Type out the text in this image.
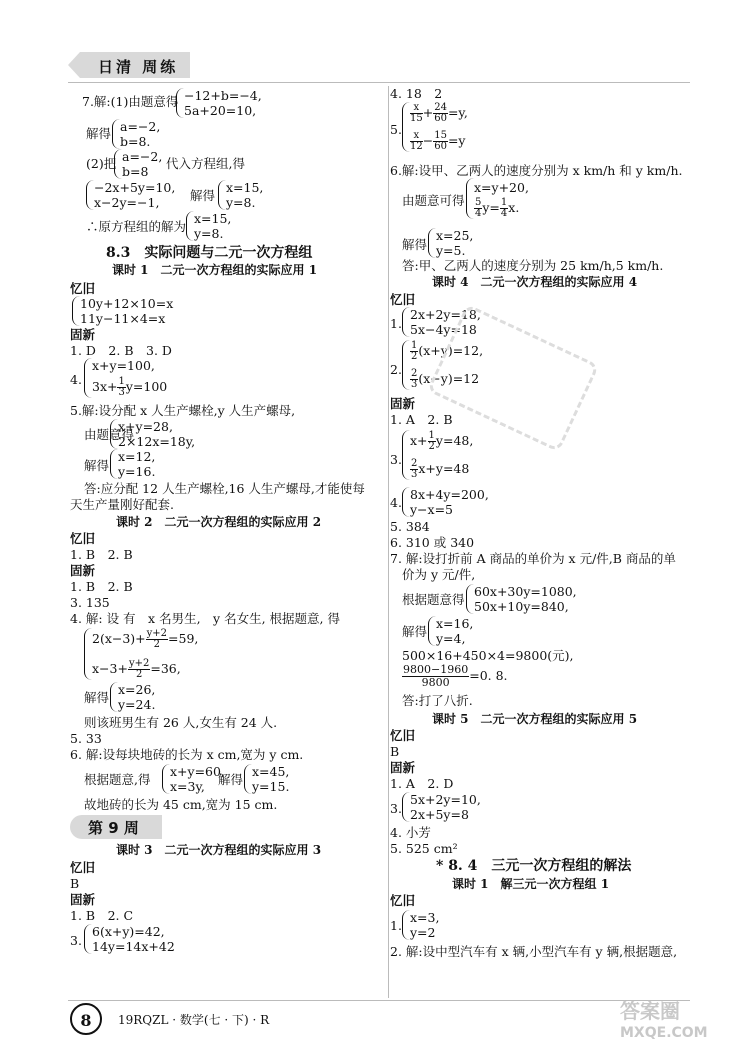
日清 周练
7.解:(1)由题意得 −12+b=−4,
5a+20=10,
解得 a=−2,
b=8.
(2)把 a=−2,
b=8
代入方程组,得
−2x+5y=10,
x−2y=−1,	解得
x=15,
y=8.
∴原方程组的解为
x=15,
y=8.
8.3　实际问题与二元一次方程组
课时 1　二元一次方程组的实际应用 1
忆旧
10y+12×10=x
11y−11×4=x
固新
1. D　2. B　3. D
4.
x+y=100,
$3x+ \frac{1}{3} y=100$
5.解:设分配 x 人生产螺栓,y 人生产螺母,
由题意得
x+y=28,
2×12x=18y,
解得
x=12,
y=16.
答:应分配 12 人生产螺栓,16 人生产螺母,才能使每
天生产量刚好配套.
课时 2　二元一次方程组的实际应用 2
忆旧
1. B　2. B
固新
1. B　2. B
3. 135
4. 解: 设 有　x 名男生,　y 名女生, 根据题意, 得
$2(x-3)+ \frac{y+2}{2} =59$,
$x-3+ \frac{y+2}{2} =36$,
解得
x=26,
y=24.
则该班男生有 26 人,女生有 24 人.
5. 33
6. 解:设每块地砖的长为 x cm,宽为 y cm.
根据题意,得
x+y=60,
x=3y,	解得
x=45,
y=15.
故地砖的长为 45 cm,宽为 15 cm.
第 9 周
课时 3　二元一次方程组的实际应用 3
忆旧
B
固新
1. B　2. C
3.
6(x+y)=42,
14y=14x+42
4. 18　2
5.
$\frac{x}{15} + \frac{24}{60} =y$,
$\frac{x}{12} - \frac{15}{60} =y$
6.解:设甲、乙两人的速度分别为 x km/h 和 y km/h.
由题意可得
x=y+20,
$\frac{5}{4} y= \frac{1}{4} x$.
解得
x=25,
y=5.
答:甲、乙两人的速度分别为 25 km/h,5 km/h.
课时 4　二元一次方程组的实际应用 4
忆旧
1.
2x+2y=18,
5x−4y=18
2.
$\frac{1}{2} (x+y)=12$,
$\frac{2}{3} (x-y)=12$
固新
1. A　2. B
3.
$x+ \frac{1}{2} y=48$,
$\frac{2}{3} x+y=48$
4.
8x+4y=200,
y−x=5
5. 384
6. 310 或 340
7. 解:设打折前 A 商品的单价为 x 元/件,B 商品的单
价为 y 元/件,
根据题意得
60x+30y=1080,
50x+10y=840,
解得
x=16,
y=4,
500×16+450×4=9800(元),
$\frac{9800-1960}{9800} =0$. 8.
答:打了八折.
课时 5　二元一次方程组的实际应用 5
忆旧
B
固新
1. A　2. D
3.
5x+2y=10,
2x+5y=8
4. 小芳
5. 525 cm²
* 8. 4　三元一次方程组的解法
课时 1　解三元一次方程组 1
忆旧
1.
x=3,
y=2
2. 解:设中型汽车有 x 辆,小型汽车有 y 辆,根据题意,
8	19RQZL · 数学(七 · 下) · R	答案圈
MXQE.COM
